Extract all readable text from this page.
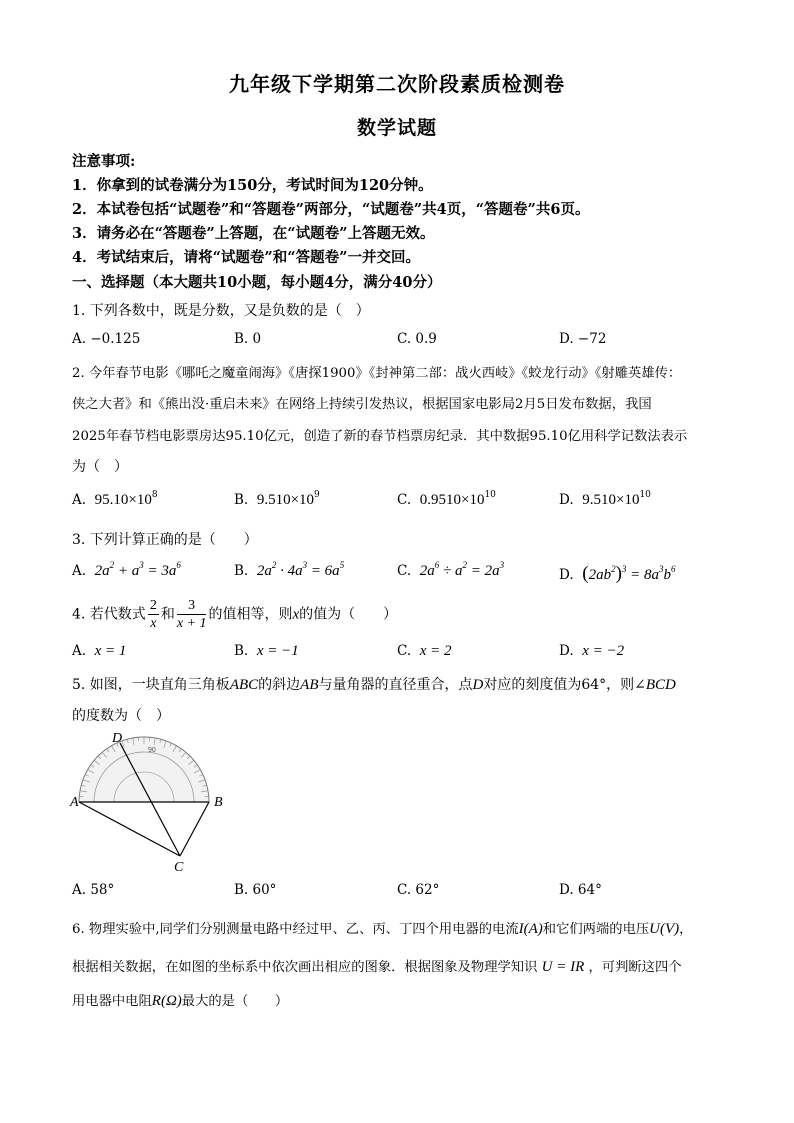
九年级下学期第二次阶段素质检测卷
数学试题
注意事项:
1．你拿到的试卷满分为150分，考试时间为120分钟。
2．本试卷包括“试题卷”和“答题卷”两部分，“试题卷”共4页，“答题卷”共6页。
3．请务必在“答题卷”上答题，在“试题卷”上答题无效。
4．考试结束后，请将“试题卷”和“答题卷”一并交回。
一、选择题（本大题共10小题，每小题4分，满分40分）
1. 下列各数中，既是分数，又是负数的是（　）
A. −0.125	B. 0	C. 0.9	D. −72
2. 今年春节电影《哪吒之魔童闹海》《唐探1900》《封神第二部：战火西岐》《蛟龙行动》《射雕英雄传：
侠之大者》和《熊出没·重启未来》在网络上持续引发热议，根据国家电影局2月5日发布数据，我国
2025年春节档电影票房达95.10亿元，创造了新的春节档票房纪录．其中数据95.10亿用科学记数法表示
为（　）
A. $95.10\times 10^8$	B. $9.510\times 10^9$	C. $0.9510\times 10^{10}$	D. $9.510\times 10^{10}$
3. 下列计算正确的是（　　）
A. $2a^2 + a^3 = 3a^6$	B. $2a^2 \cdot 4a^3 = 6a^5$	C. $2a^6 \div a^2 = 2a^3$
D. $(2ab^2)^3 = 8a^3b^6$
4. 若代数式 $\frac{2}{x}$ 和 $\frac{3}{x + 1}$ 的值相等，则x的值为（　　）
A. x = 1	B. x = −1	C. x = 2	D. x = −2
5. 如图，一块直角三角板ABC的斜边AB与量角器的直径重合，点D对应的刻度值为64°，则∠BCD
的度数为（　）
90
A	B
C
D
A. 58°	B. 60°	C. 62°	D. 64°
6. 物理实验中,同学们分别测量电路中经过甲、乙、丙、丁四个用电器的电流I(A)和它们两端的电压U(V)，
根据相关数据，在如图的坐标系中依次画出相应的图象．根据图象及物理学知识 U = IR ，可判断这四个
用电器中电阻R(Ω)最大的是（　　）
